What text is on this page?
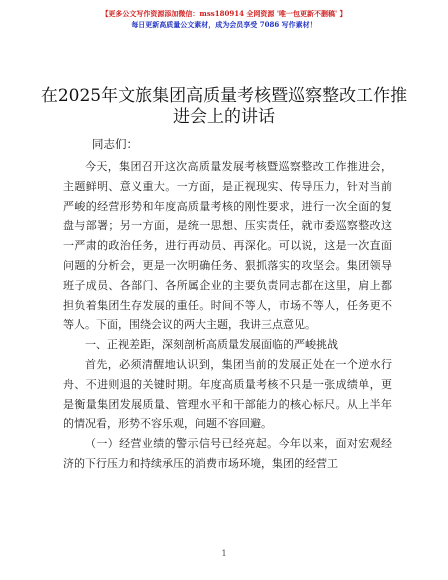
【更多公文写作资源添加微信：mss180914 全网资源 '唯一包更新不删稿' 】
每日更新高质量公文素材，成为会员享受 7086 写作素材！
在2025年文旅集团高质量考核暨巡察整改工作推进会上的讲话
同志们：

今天，集团召开这次高质量发展考核暨巡察整改工作推进会，主题鲜明、意义重大。一方面，是正视现实、传导压力，针对当前严峻的经营形势和年度高质量考核的刚性要求，进行一次全面的复盘与部署；另一方面，是统一思想、压实责任，就市委巡察整改这一严肃的政治任务，进行再动员、再深化。可以说，这是一次直面问题的分析会，更是一次明确任务、狠抓落实的攻坚会。集团领导班子成员、各部门、各所属企业的主要负责同志都在这里，肩上都担负着集团生存发展的重任。时间不等人，市场不等人，任务更不等人。下面，围绕会议的两大主题，我讲三点意见。

一、正视差距，深刻剖析高质量发展面临的严峻挑战

首先，必须清醒地认识到，集团当前的发展正处在一个逆水行舟、不进则退的关键时期。年度高质量考核不只是一张成绩单，更是衡量集团发展质量、管理水平和干部能力的核心标尺。从上半年的情况看，形势不容乐观，问题不容回避。

（一）经营业绩的警示信号已经亮起。今年以来，面对宏观经济的下行压力和持续承压的消费市场环境，集团的经营工

1
